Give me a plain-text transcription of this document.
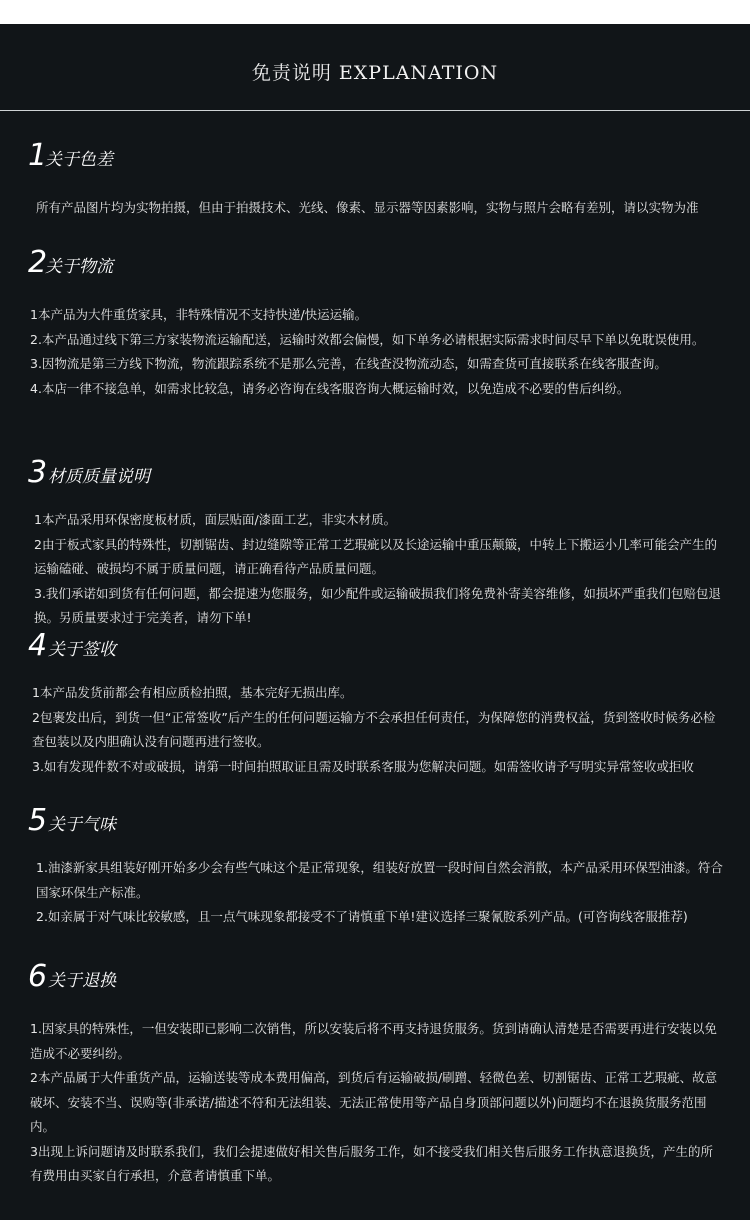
免责说明 EXPLANATION
1
关于色差

所有产品图片均为实物拍摄，但由于拍摄技术、光线、像素、显示器等因素影响，实物与照片会略有差别，请以实物为准

2
关于物流

1本产品为大件重货家具，非特殊情况不支持快递/快运运输。

2.本产品通过线下第三方家装物流运输配送，运输时效都会偏慢，如下单务必请根据实际需求时间尽早下单以免耽误使用。

3.因物流是第三方线下物流，物流跟踪系统不是那么完善，在线查没物流动态，如需查货可直接联系在线客服查询。

4.本店一律不接急单，如需求比较急，请务必咨询在线客服咨询大概运输时效，以免造成不必要的售后纠纷。

3 材质质量说明

1本产品采用环保密度板材质，面层贴面/漆面工艺，非实木材质。

2由于板式家具的特殊性，切割锯齿、封边缝隙等正常工艺瑕疵以及长途运输中重压颠簸，中转上下搬运小几率可能会产生的运输磕碰、破损均不属于质量问题，请正确看待产品质量问题。

3.我们承诺如到货有任何问题，都会提速为您服务，如少配件或运输破损我们将免费补寄美容维修，如损坏严重我们包赔包退换。另质量要求过于完美者，请勿下单!

4 关于签收

1本产品发货前都会有相应质检拍照，基本完好无损出库。

2包裹发出后，到货一但“正常签收”后产生的任何问题运输方不会承担任何责任，为保障您的消费权益，货到签收时候务必检查包装以及内胆确认没有问题再进行签收。

3.如有发现件数不对或破损，请第一时间拍照取证且需及时联系客服为您解决问题。如需签收请予写明实异常签收或拒收

5 关于气味

1.油漆新家具组装好刚开始多少会有些气味这个是正常现象，组装好放置一段时间自然会消散，本产品采用环保型油漆。符合国家环保生产标准。

2.如亲属于对气味比较敏感，且一点气味现象都接受不了请慎重下单!建议选择三聚氰胺系列产品。(可咨询线客服推荐)

6 关于退换

1.因家具的特殊性，一但安装即已影响二次销售，所以安装后将不再支持退货服务。货到请确认清楚是否需要再进行安装以免造成不必要纠纷。

2本产品属于大件重货产品，运输送装等成本费用偏高，到货后有运输破损/刷蹭、轻微色差、切割锯齿、正常工艺瑕疵、故意破坏、安装不当、误购等(非承诺/描述不符和无法组装、无法正常使用等产品自身顶部问题以外)问题均不在退换货服务范围内。

3出现上诉问题请及时联系我们，我们会提速做好相关售后服务工作，如不接受我们相关售后服务工作执意退换货，产生的所有费用由买家自行承担，介意者请慎重下单。
